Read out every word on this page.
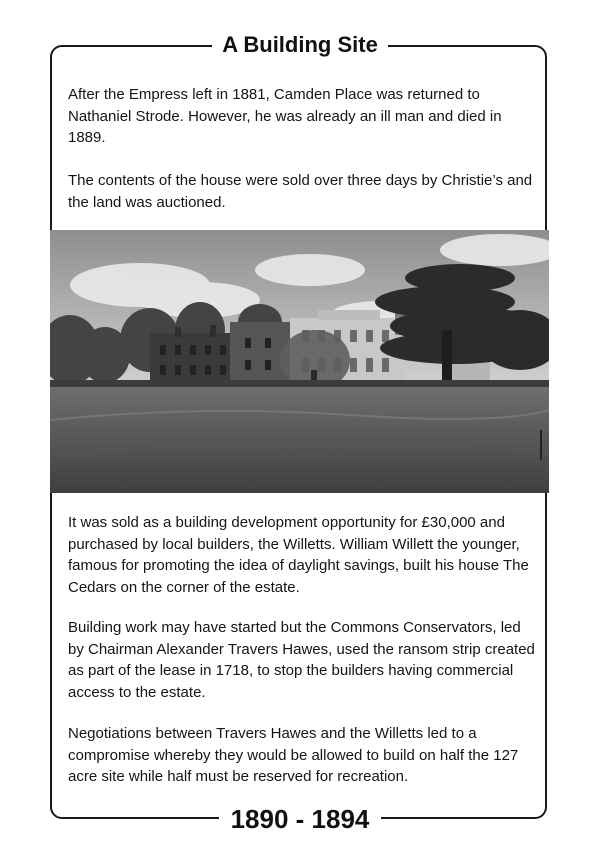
A Building Site

After the Empress left in 1881, Camden Place was returned to Nathaniel Strode. However, he was already an ill man and died in 1889.

The contents of the house were sold over three days by Christie’s and the land was auctioned.

It was sold as a building development opportunity for £30,000 and purchased by local builders, the Willetts. William Willett the younger, famous for promoting the idea of daylight savings, built his house The Cedars on the corner of the estate.

Building work may have started but the Commons Conservators, led by Chairman Alexander Travers Hawes, used the ransom strip created as part of the lease in 1718, to stop the builders having commercial access to the estate.

Negotiations between Travers Hawes and the Willetts led to a compromise whereby they would be allowed to build on half the 127 acre site while half must be reserved for recreation.

1890 - 1894
